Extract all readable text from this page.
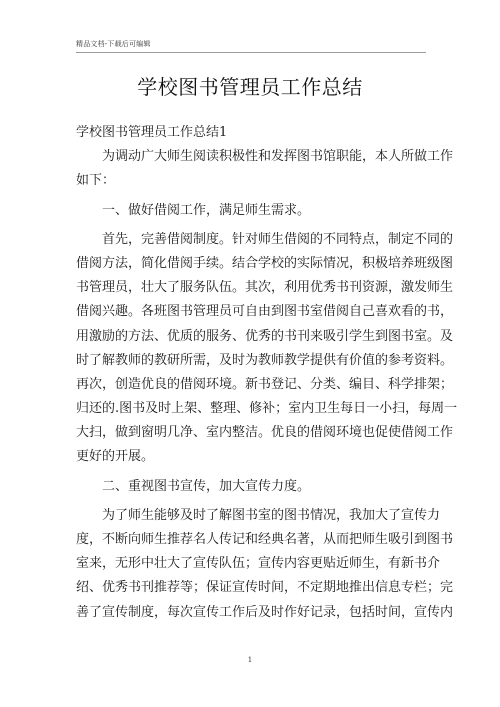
精品文档-下载后可编辑
学校图书管理员工作总结
学校图书管理员工作总结1
为调动广大师生阅读积极性和发挥图书馆职能，本人所做工作
如下：
一、做好借阅工作，满足师生需求。
首先，完善借阅制度。针对师生借阅的不同特点，制定不同的
借阅方法，简化借阅手续。结合学校的实际情况，积极培养班级图
书管理员，壮大了服务队伍。其次，利用优秀书刊资源，激发师生
借阅兴趣。各班图书管理员可自由到图书室借阅自己喜欢看的书，
用激励的方法、优质的服务、优秀的书刊来吸引学生到图书室。及
时了解教师的教研所需，及时为教师教学提供有价值的参考资料。
再次，创造优良的借阅环境。新书登记、分类、编目、科学排架；
归还的.图书及时上架、整理、修补；室内卫生每日一小扫，每周一
大扫，做到窗明几净、室内整洁。优良的借阅环境也促使借阅工作
更好的开展。
二、重视图书宣传，加大宣传力度。
为了师生能够及时了解图书室的图书情况，我加大了宣传力
度，不断向师生推荐名人传记和经典名著，从而把师生吸引到图书
室来，无形中壮大了宣传队伍；宣传内容更贴近师生，有新书介
绍、优秀书刊推荐等；保证宣传时间，不定期地推出信息专栏；完
善了宣传制度，每次宣传工作后及时作好记录，包括时间，宣传内
1
